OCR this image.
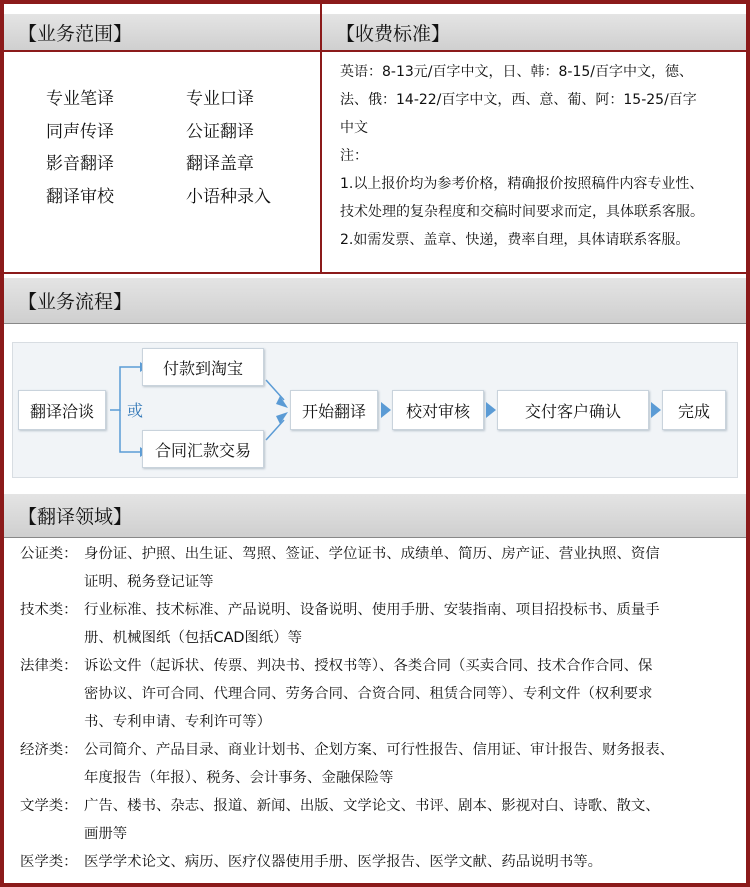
【业务范围】	【收费标准】
专业笔译	专业口译
同声传译	公证翻译
影音翻译	翻译盖章
翻译审校	小语种录入

英语：8-13元/百字中文，日、韩：8-15/百字中文，德、

法、俄：14-22/百字中文，西、意、葡、阿：15-25/百字

中文

注：

1.以上报价均为参考价格，精确报价按照稿件内容专业性、

技术处理的复杂程度和交稿时间要求而定，具体联系客服。

2.如需发票、盖章、快递，费率自理，具体请联系客服。

【业务流程】
翻译洽谈	或
付款到淘宝
合同汇款交易
开始翻译	校对审核	交付客户确认	完成
【翻译领域】
公证类： 身份证、护照、出生证、驾照、签证、学位证书、成绩单、简历、房产证、营业执照、资信
证明、税务登记证等
技术类： 行业标准、技术标准、产品说明、设备说明、使用手册、安装指南、项目招投标书、质量手
册、机械图纸（包括CAD图纸）等
法律类： 诉讼文件（起诉状、传票、判决书、授权书等）、各类合同（买卖合同、技术合作合同、保
密协议、许可合同、代理合同、劳务合同、合资合同、租赁合同等）、专利文件（权利要求
书、专利申请、专利许可等）
经济类： 公司简介、产品目录、商业计划书、企划方案、可行性报告、信用证、审计报告、财务报表、
年度报告（年报）、税务、会计事务、金融保险等
文学类： 广告、楼书、杂志、报道、新闻、出版、文学论文、书评、剧本、影视对白、诗歌、散文、
画册等
医学类： 医学学术论文、病历、医疗仪器使用手册、医学报告、医学文献、药品说明书等。
